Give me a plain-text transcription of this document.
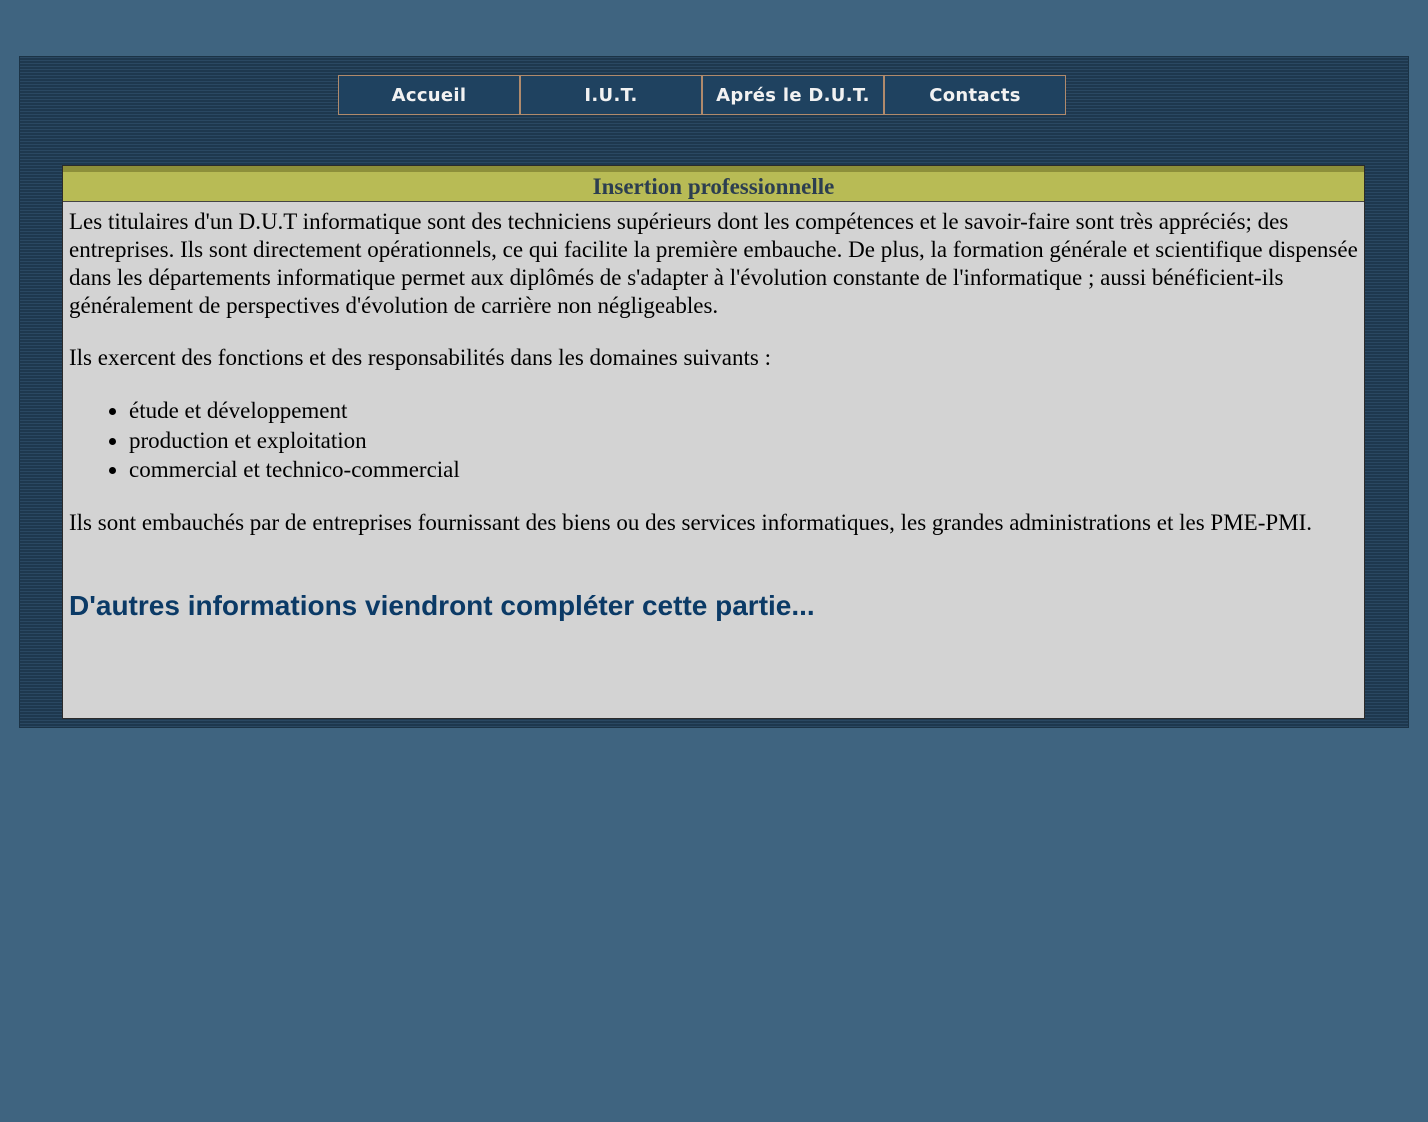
Accueil	I.U.T.	Aprés le D.U.T.	Contacts
Insertion professionnelle

Les titulaires d'un D.U.T informatique sont des techniciens supérieurs dont les compétences et le savoir-faire sont très appréciés; des entreprises. Ils sont directement opérationnels, ce qui facilite la première embauche. De plus, la formation générale et scientifique dispensée dans les départements informatique permet aux diplômés de s'adapter à l'évolution constante de l'informatique ; aussi bénéficient-ils généralement de perspectives d'évolution de carrière non négligeables.

Ils exercent des fonctions et des responsabilités dans les domaines suivants :

• étude et développement
• production et exploitation
• commercial et technico-commercial

Ils sont embauchés par de entreprises fournissant des biens ou des services informatiques, les grandes administrations et les PME-PMI.

D'autres informations viendront compléter cette partie...
